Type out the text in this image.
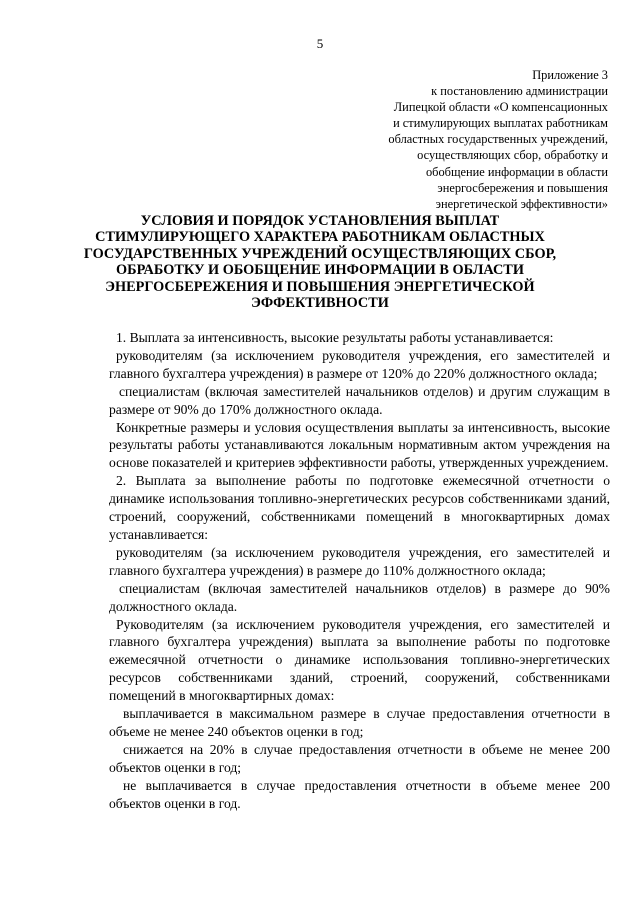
5
Приложение 3
к постановлению администрации
Липецкой области «О компенсационных
и стимулирующих выплатах работникам
областных государственных учреждений,
осуществляющих сбор, обработку и
обобщение информации в области
энергосбережения и повышения
энергетической эффективности»
УСЛОВИЯ И ПОРЯДОК УСТАНОВЛЕНИЯ ВЫПЛАТ
СТИМУЛИРУЮЩЕГО ХАРАКТЕРА РАБОТНИКАМ ОБЛАСТНЫХ
ГОСУДАРСТВЕННЫХ УЧРЕЖДЕНИЙ ОСУЩЕСТВЛЯЮЩИХ СБОР,
ОБРАБОТКУ И ОБОБЩЕНИЕ ИНФОРМАЦИИ В ОБЛАСТИ
ЭНЕРГОСБЕРЕЖЕНИЯ И ПОВЫШЕНИЯ ЭНЕРГЕТИЧЕСКОЙ
ЭФФЕКТИВНОСТИ

1. Выплата за интенсивность, высокие результаты работы устанавливается:

руководителям (за исключением руководителя учреждения, его заместителей и главного бухгалтера учреждения) в размере от 120% до 220% должностного оклада;

специалистам (включая заместителей начальников отделов) и другим служащим в размере от 90% до 170% должностного оклада.

Конкретные размеры и условия осуществления выплаты за интенсивность, высокие результаты работы устанавливаются локальным нормативным актом учреждения на основе показателей и критериев эффективности работы, утвержденных учреждением.

2. Выплата за выполнение работы по подготовке ежемесячной отчетности о динамике использования топливно-энергетических ресурсов собственниками зданий, строений, сооружений, собственниками помещений в многоквартирных домах устанавливается:

руководителям (за исключением руководителя учреждения, его заместителей и главного бухгалтера учреждения) в размере до 110% должностного оклада;

специалистам (включая заместителей начальников отделов) в размере до 90% должностного оклада.

Руководителям (за исключением руководителя учреждения, его заместителей и главного бухгалтера учреждения) выплата за выполнение работы по подготовке ежемесячной отчетности о динамике использования топливно-энергетических ресурсов собственниками зданий, строений, сооружений, собственниками помещений в многоквартирных домах:

выплачивается в максимальном размере в случае предоставления отчетности в объеме не менее 240 объектов оценки в год;

снижается на 20% в случае предоставления отчетности в объеме не менее 200 объектов оценки в год;

не выплачивается в случае предоставления отчетности в объеме менее 200 объектов оценки в год.
